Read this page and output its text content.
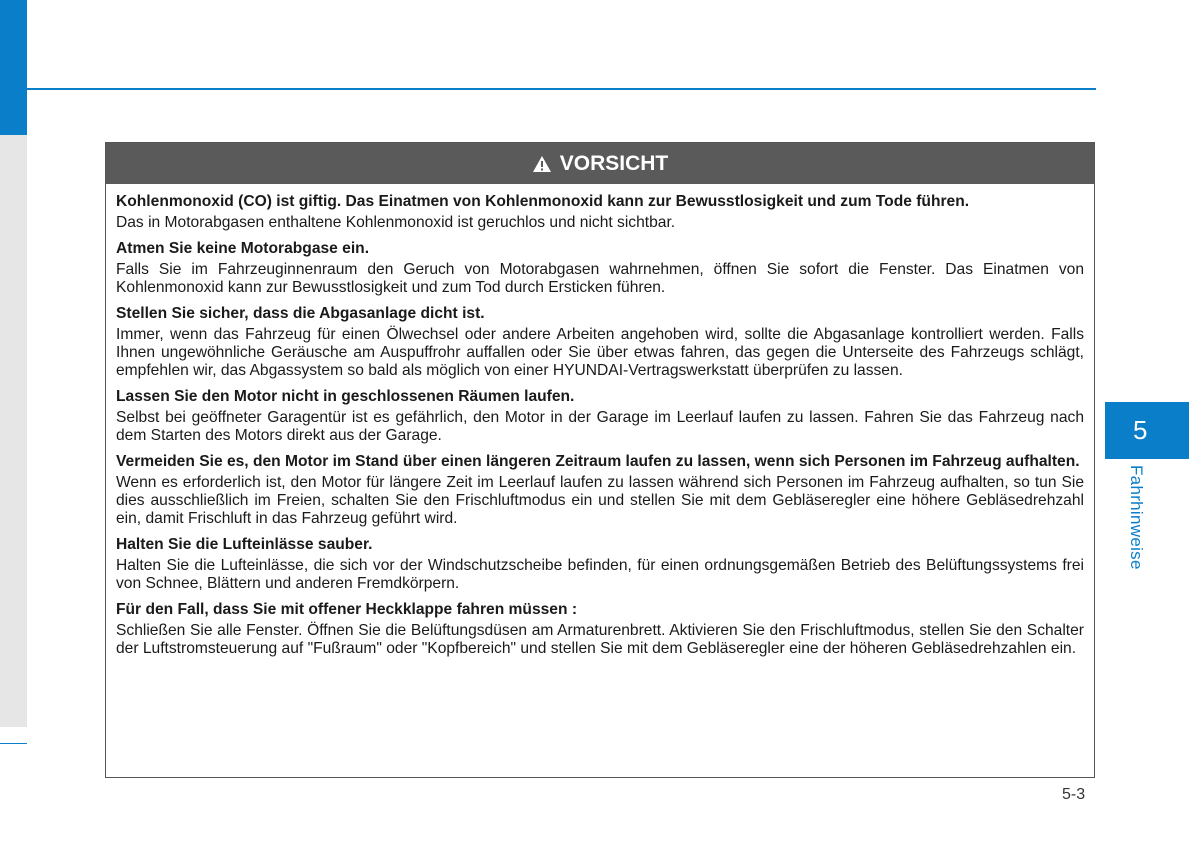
5
Fahrhinweise
VORSICHT

Kohlenmonoxid (CO) ist giftig. Das Einatmen von Kohlenmonoxid kann zur Bewusstlosigkeit und zum Tode führen.

Das in Motorabgasen enthaltene Kohlenmonoxid ist geruchlos und nicht sichtbar.

Atmen Sie keine Motorabgase ein.

Falls Sie im Fahrzeuginnenraum den Geruch von Motorabgasen wahrnehmen, öffnen Sie sofort die Fenster. Das Einatmen von Kohlenmonoxid kann zur Bewusstlosigkeit und zum Tod durch Ersticken führen.

Stellen Sie sicher, dass die Abgasanlage dicht ist.

Immer, wenn das Fahrzeug für einen Ölwechsel oder andere Arbeiten angehoben wird, sollte die Abgasanlage kontrolliert werden. Falls Ihnen ungewöhnliche Geräusche am Auspuffrohr auffallen oder Sie über etwas fahren, das gegen die Unterseite des Fahrzeugs schlägt, empfehlen wir, das Abgassystem so bald als möglich von einer HYUNDAI-Vertragswerkstatt überprüfen zu lassen.

Lassen Sie den Motor nicht in geschlossenen Räumen laufen.

Selbst bei geöffneter Garagentür ist es gefährlich, den Motor in der Garage im Leerlauf laufen zu lassen. Fahren Sie das Fahrzeug nach dem Starten des Motors direkt aus der Garage.

Vermeiden Sie es, den Motor im Stand über einen längeren Zeitraum laufen zu lassen, wenn sich Personen im Fahrzeug aufhalten.

Wenn es erforderlich ist, den Motor für längere Zeit im Leerlauf laufen zu lassen während sich Personen im Fahrzeug aufhalten, so tun Sie dies ausschließlich im Freien, schalten Sie den Frischluftmodus ein und stellen Sie mit dem Gebläseregler eine höhere Gebläsedrehzahl ein, damit Frischluft in das Fahrzeug geführt wird.

Halten Sie die Lufteinlässe sauber.

Halten Sie die Lufteinlässe, die sich vor der Windschutzscheibe befinden, für einen ordnungsgemäßen Betrieb des Belüftungssystems frei von Schnee, Blättern und anderen Fremdkörpern.

Für den Fall, dass Sie mit offener Heckklappe fahren müssen :

Schließen Sie alle Fenster. Öffnen Sie die Belüftungsdüsen am Armaturenbrett. Aktivieren Sie den Frischluftmodus, stellen Sie den Schalter der Luftstromsteuerung auf "Fußraum" oder "Kopfbereich" und stellen Sie mit dem Gebläseregler eine der höheren Gebläsedrehzahlen ein.

5-3
